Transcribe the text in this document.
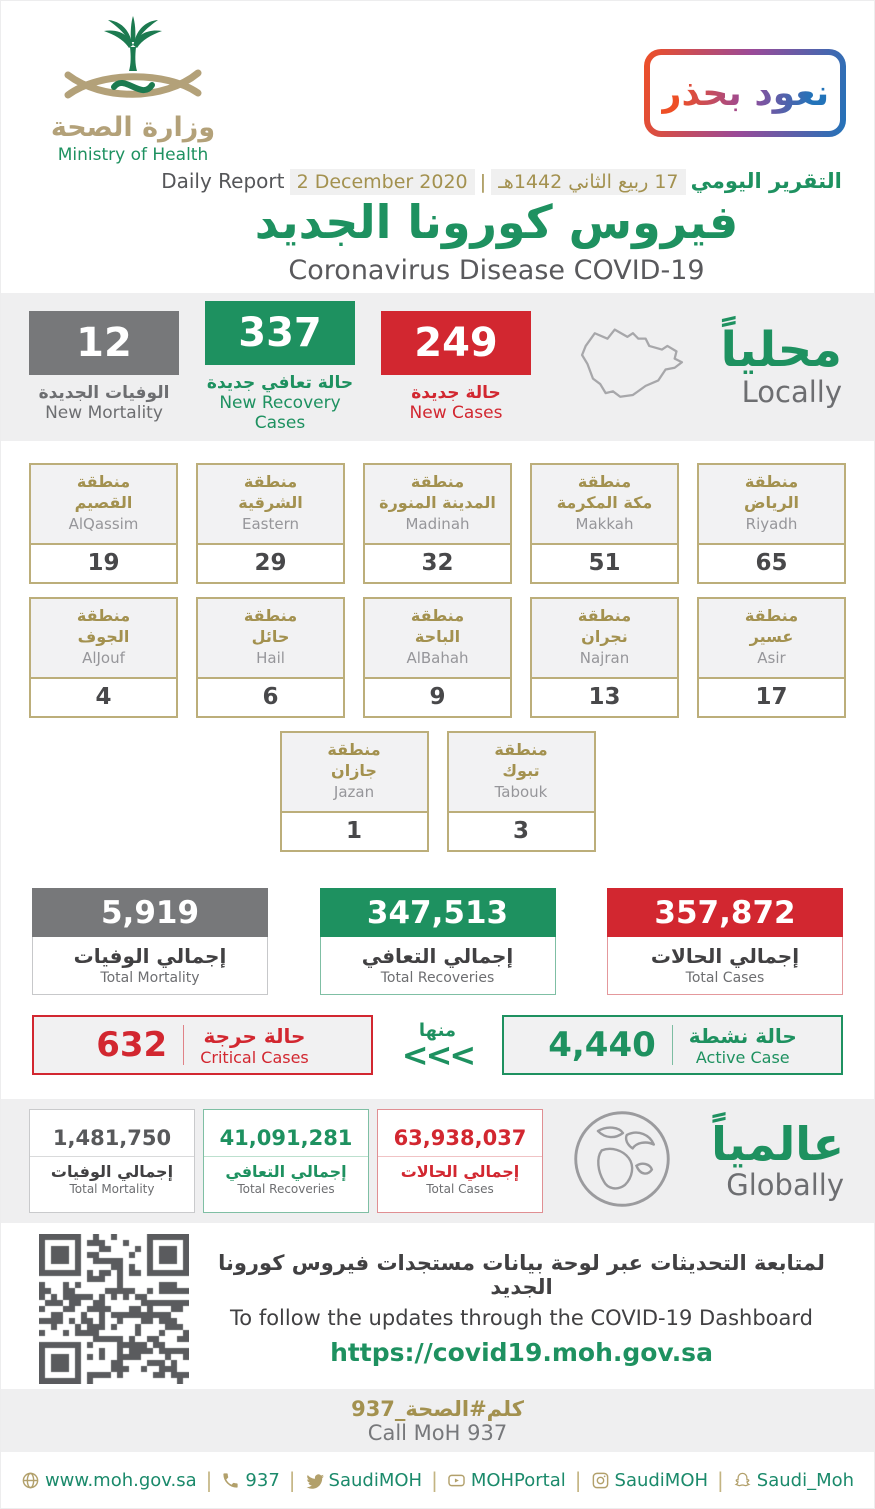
وزارة الصحة
Ministry of Health
نعود بحذر
Daily Report 2 December 2020 | 17 ربيع الثاني 1442هـ التقرير اليومي
فيروس كورونا الجديد
Coronavirus Disease COVID-19
12
الوفيات الجديدة
New Mortality
337
حالة تعافي جديدة
New Recovery Cases
249
حالة جديدة
New Cases
محلياً
Locally
منطقة
القصيم
AlQassim
19
منطقة
الشرقية
Eastern
29
منطقة
المدينة المنورة
Madinah
32
منطقة
مكة المكرمة
Makkah
51
منطقة
الرياض
Riyadh
65
منطقة
الجوف
AlJouf
4
منطقة
حائل
Hail
6
منطقة
الباحة
AlBahah
9
منطقة
نجران
Najran
13
منطقة
عسير
Asir
17
منطقة
جازان
Jazan
1
منطقة
تبوك
Tabouk
3
5,919
إجمالي الوفيات
Total Mortality
347,513
إجمالي التعافي
Total Recoveries
357,872
إجمالي الحالات
Total Cases
632 حالة حرجة
Critical Cases
منها
<<<	4,440 حالة نشطة
Active Case
1,481,750
إجمالي الوفيات
Total Mortality
41,091,281
إجمالي التعافي
Total Recoveries
63,938,037
إجمالي الحالات
Total Cases
عالمياً
Globally
لمتابعة التحديثات عبر لوحة بيانات مستجدات فيروس كورونا الجديد
To follow the updates through the COVID-19 Dashboard
https://covid19.moh.gov.sa
كلم#الصحة_937
Call MoH 937
www.moh.gov.sa | 937 | SaudiMOH | MOHPortal | SaudiMOH | Saudi_Moh
